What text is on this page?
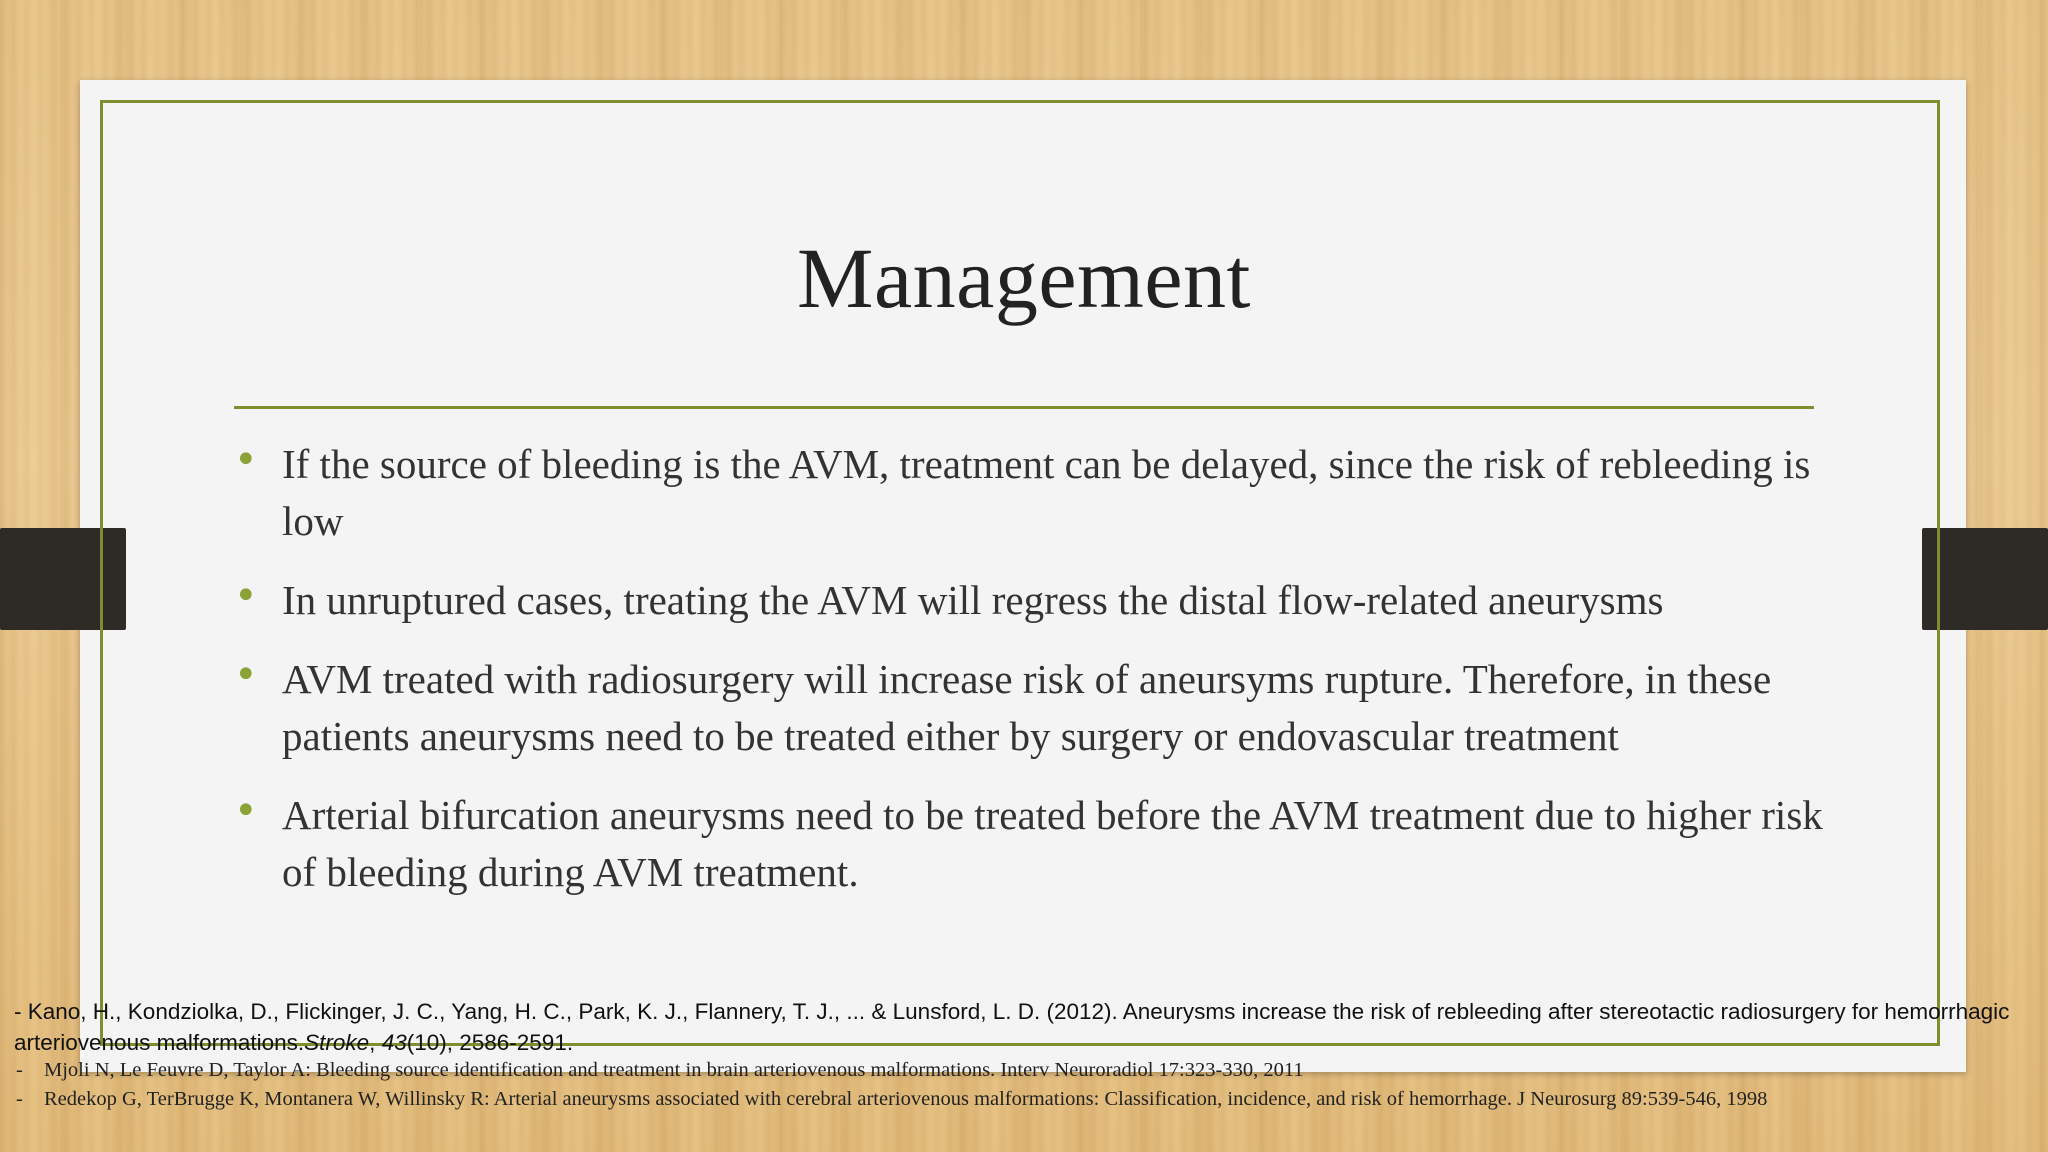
Management
• If the source of bleeding is the AVM, treatment can be delayed, since the risk of rebleeding is low
• In unruptured cases, treating the AVM will regress the distal flow-related aneurysms
• AVM treated with radiosurgery will increase risk of aneursyms rupture. Therefore, in these patients aneurysms need to be treated either by surgery or endovascular treatment
• Arterial bifurcation aneurysms need to be treated before the AVM treatment due to higher risk of bleeding during AVM treatment.
- Kano, H., Kondziolka, D., Flickinger, J. C., Yang, H. C., Park, K. J., Flannery, T. J., ... & Lunsford, L. D. (2012). Aneurysms increase the risk of rebleeding after stereotactic radiosurgery for hemorrhagic arteriovenous malformations.Stroke, 43(10), 2586-2591.
- Mjoli N, Le Feuvre D, Taylor A: Bleeding source identification and treatment in brain arteriovenous malformations. Interv Neuroradiol 17:323-330, 2011
- Redekop G, TerBrugge K, Montanera W, Willinsky R: Arterial aneurysms associated with cerebral arteriovenous malformations: Classification, incidence, and risk of hemorrhage. J Neurosurg 89:539-546, 1998
